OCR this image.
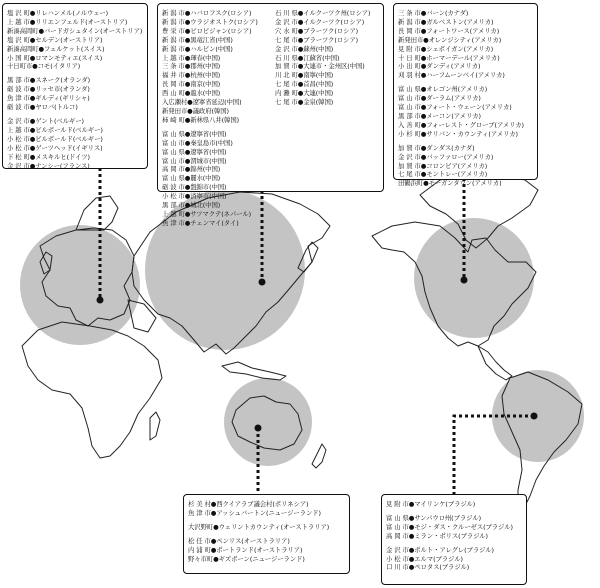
塩 沢 町●リレハンメル(ノルウェー)
上 越 市●リリエンフェルド(オーストリア)
新湊高岡町●バードガシュタイン(オーストリア)
塩 沢 町●セルデン(オーストリア)
新湊高岡町●フェルケット(スイス)
小 国 町●ロマンモティエ(スイス)
十日町市●コモ(イタリア)
黒 部 市●スネーク(オランダ)
砺 波 市●リッセ市(オランダ)
魚 津 市●ギルディ(ギリシャ)
砺 波 市●ヤロバ(トルコ)
金 沢 市●ゲント(ベルギー)
上 越 市●ビルボールド(ベルギー)
小 松 市●ビルボールド(ベルギー)
小 松 市●ゲーツヘッド(イギリス)
下 松 町●メスキルヒ(ドイツ)
金 沢 市●ナンシー(フランス)
新 潟 市●ハバロフスク(ロシア)
新 潟 市●ウラジオストク(ロシア)
豊 栄 市●ビロビジャン(ロシア)
新 潟 市●黒竜江省(中国)
新 潟 市●ハルビン(中国)
上 越 市●琿春(中国)
三 条 市●郡州(中国)
福 井 市●杭州(中国)
長 岡 市●南京(中国)
西 山 町●龍水(中国)
入広瀬村●遼寧省延辺(中国)
新発田市●議政府(韓国)
柿 崎 町●新林県八井(韓国)
富 山 県●遼寧省(中国)
富 山 市●秦皇島市(中国)
富 山 県●遼寧省(中国)
富 山 市●渭城市(中国)
高 岡 市●錦州(中国)
富 山 県●麗水(中国)
砺 波 市●盤錦市(中国)
小 松 市●済寧市(中国)
黒 部 市●城北(中国)
上 越 町●サツマクテ(ネパール)
魚 津 市●チェンマイ(タイ)
石 川 県●イルクーツク州(ロシア)
金 沢 市●イルクーツク(ロシア)
穴 水 町●ブラーツク(ロシア)
七 尾 市●ブラーツク(ロシア)
金 沢 市●蘇州(中国)
石 川 県●江蘇省(中国)
加 賀 市●大連市・金州区(中国)
川 北 町●南寧(中国)
七 尾 市●首昌(中国)
内 灘 町●大連(中国)
七 尾 市●金泉(韓国)
三 条 市●バーン(カナダ)
新 潟 市●ガルベストン(アメリカ)
長 岡 市●フォートワース(アメリカ)
新発田市●オレンジシティ(アメリカ)
見 附 市●シェボイガン(アメリカ)
十 日 町●ホーマーデール(アメリカ)
小 出 町●ダンディ(アメリカ)
刈 羽 村●ハーフムーンベイ(アメリカ)
富 山 県●オレゴン州(アメリカ)
富 山 市●ダーラム(アメリカ)
富 山 市●フォート・ウェーン(アメリカ)
黒 部 市●メーコン(アメリカ)
入 善 町●フォーレスト・グローブ(アメリカ)
小 杉 町●サリバン・カウンティ(アメリカ)
加 賀 市●ダンダス(カナダ)
金 沢 市●バッファロー(アメリカ)
加 賀 市●コロンビア(アメリカ)
七 尾 市●モントレー(アメリカ)
田鶴浜町●モーガンタウン(アメリカ)
杉 美 村●西クイアラブ議会村(ポリネシア)
魚 津 市●アッシュバートン(ニュージーランド)
大沢野町●ウェリントカウンティ(オーストラリア)
松 任 市●ペンリス(オーストラリア)
内 浦 町●ポートランド(オーストラリア)
野々市町●ギズボーン(ニュージーランド)
見 附 市●マイリンケ(ブラジル)
富 山 県●サンパウロ州(ブラジル)
富 山 市●モジ・ダス・クルーゼス(ブラジル)
高 岡 市●ミラン・ポリス(ブラジル)
金 沢 市●ポルト・アレグレ(ブラジル)
小 松 市●エルマ(ブラジル)
口 川 市●ペロタス(ブラジル)
